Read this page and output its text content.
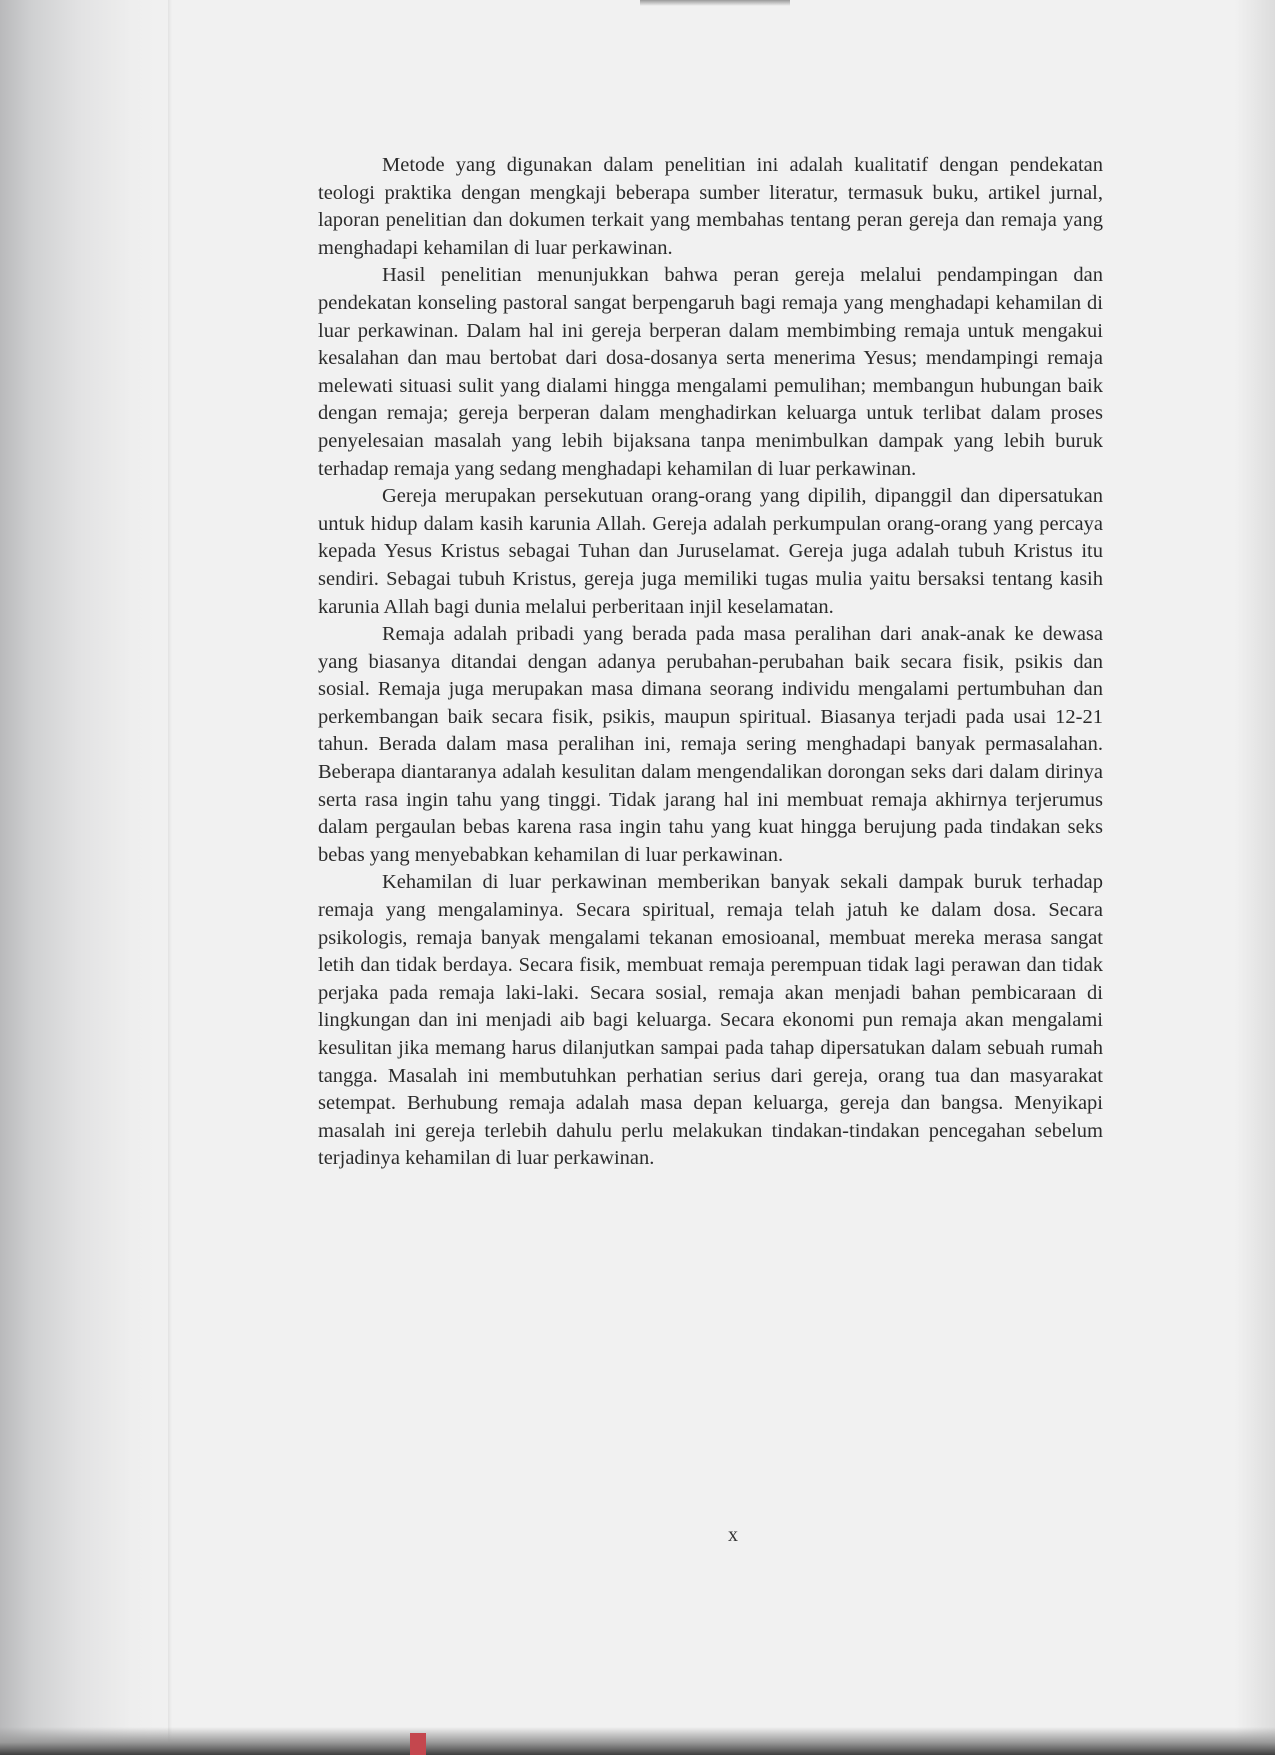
Metode yang digunakan dalam penelitian ini adalah kualitatif dengan pendekatan teologi praktika dengan mengkaji beberapa sumber literatur, termasuk buku, artikel jurnal, laporan penelitian dan dokumen terkait yang membahas tentang peran gereja dan remaja yang menghadapi kehamilan di luar perkawinan.

Hasil penelitian menunjukkan bahwa peran gereja melalui pendampingan dan pendekatan konseling pastoral sangat berpengaruh bagi remaja yang menghadapi kehamilan di luar perkawinan. Dalam hal ini gereja berperan dalam membimbing remaja untuk mengakui kesalahan dan mau bertobat dari dosa-dosanya serta menerima Yesus; mendampingi remaja melewati situasi sulit yang dialami hingga mengalami pemulihan; membangun hubungan baik dengan remaja; gereja berperan dalam menghadirkan keluarga untuk terlibat dalam proses penyelesaian masalah yang lebih bijaksana tanpa menimbulkan dampak yang lebih buruk terhadap remaja yang sedang menghadapi kehamilan di luar perkawinan.

Gereja merupakan persekutuan orang-orang yang dipilih, dipanggil dan dipersatukan untuk hidup dalam kasih karunia Allah. Gereja adalah perkumpulan orang-orang yang percaya kepada Yesus Kristus sebagai Tuhan dan Juruselamat. Gereja juga adalah tubuh Kristus itu sendiri. Sebagai tubuh Kristus, gereja juga memiliki tugas mulia yaitu bersaksi tentang kasih karunia Allah bagi dunia melalui perberitaan injil keselamatan.

Remaja adalah pribadi yang berada pada masa peralihan dari anak-anak ke dewasa yang biasanya ditandai dengan adanya perubahan-perubahan baik secara fisik, psikis dan sosial. Remaja juga merupakan masa dimana seorang individu mengalami pertumbuhan dan perkembangan baik secara fisik, psikis, maupun spiritual. Biasanya terjadi pada usai 12-21 tahun. Berada dalam masa peralihan ini, remaja sering menghadapi banyak permasalahan. Beberapa diantaranya adalah kesulitan dalam mengendalikan dorongan seks dari dalam dirinya serta rasa ingin tahu yang tinggi. Tidak jarang hal ini membuat remaja akhirnya terjerumus dalam pergaulan bebas karena rasa ingin tahu yang kuat hingga berujung pada tindakan seks bebas yang menyebabkan kehamilan di luar perkawinan.

Kehamilan di luar perkawinan memberikan banyak sekali dampak buruk terhadap remaja yang mengalaminya. Secara spiritual, remaja telah jatuh ke dalam dosa. Secara psikologis, remaja banyak mengalami tekanan emosioanal, membuat mereka merasa sangat letih dan tidak berdaya. Secara fisik, membuat remaja perempuan tidak lagi perawan dan tidak perjaka pada remaja laki-laki. Secara sosial, remaja akan menjadi bahan pembicaraan di lingkungan dan ini menjadi aib bagi keluarga. Secara ekonomi pun remaja akan mengalami kesulitan jika memang harus dilanjutkan sampai pada tahap dipersatukan dalam sebuah rumah tangga. Masalah ini membutuhkan perhatian serius dari gereja, orang tua dan masyarakat setempat. Berhubung remaja adalah masa depan keluarga, gereja dan bangsa. Menyikapi masalah ini gereja terlebih dahulu perlu melakukan tindakan-tindakan pencegahan sebelum terjadinya kehamilan di luar perkawinan.

x
